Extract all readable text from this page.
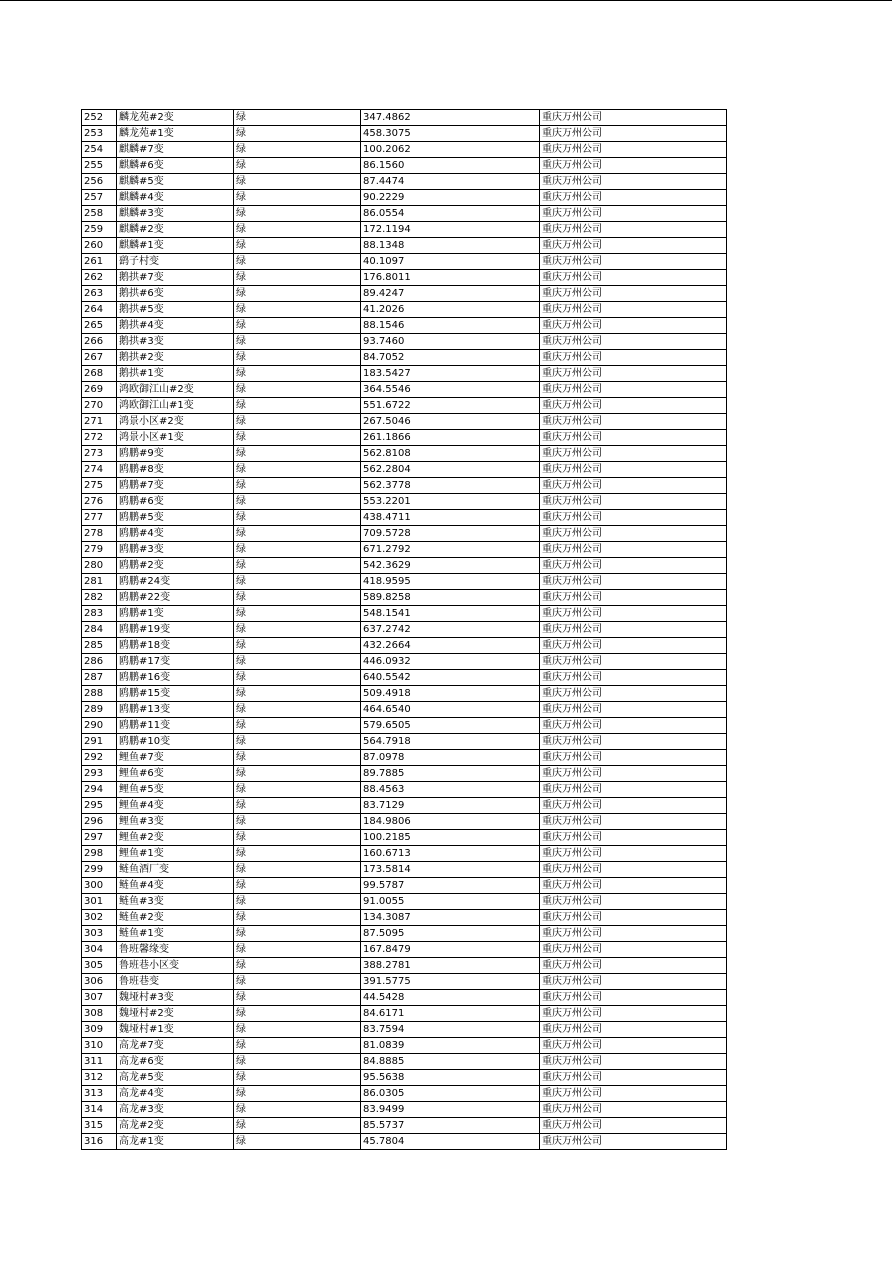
252	麟龙苑#2变	绿	347.4862	重庆万州公司
253	麟龙苑#1变	绿	458.3075	重庆万州公司
254	麒麟#7变	绿	100.2062	重庆万州公司
255	麒麟#6变	绿	86.1560	重庆万州公司
256	麒麟#5变	绿	87.4474	重庆万州公司
257	麒麟#4变	绿	90.2229	重庆万州公司
258	麒麟#3变	绿	86.0554	重庆万州公司
259	麒麟#2变	绿	172.1194	重庆万州公司
260	麒麟#1变	绿	88.1348	重庆万州公司
261	鹞子村变	绿	40.1097	重庆万州公司
262	鹅拱#7变	绿	176.8011	重庆万州公司
263	鹅拱#6变	绿	89.4247	重庆万州公司
264	鹅拱#5变	绿	41.2026	重庆万州公司
265	鹅拱#4变	绿	88.1546	重庆万州公司
266	鹅拱#3变	绿	93.7460	重庆万州公司
267	鹅拱#2变	绿	84.7052	重庆万州公司
268	鹅拱#1变	绿	183.5427	重庆万州公司
269	鸿欧御江山#2变	绿	364.5546	重庆万州公司
270	鸿欧御江山#1变	绿	551.6722	重庆万州公司
271	鸿景小区#2变	绿	267.5046	重庆万州公司
272	鸿景小区#1变	绿	261.1866	重庆万州公司
273	鸥鹏#9变	绿	562.8108	重庆万州公司
274	鸥鹏#8变	绿	562.2804	重庆万州公司
275	鸥鹏#7变	绿	562.3778	重庆万州公司
276	鸥鹏#6变	绿	553.2201	重庆万州公司
277	鸥鹏#5变	绿	438.4711	重庆万州公司
278	鸥鹏#4变	绿	709.5728	重庆万州公司
279	鸥鹏#3变	绿	671.2792	重庆万州公司
280	鸥鹏#2变	绿	542.3629	重庆万州公司
281	鸥鹏#24变	绿	418.9595	重庆万州公司
282	鸥鹏#22变	绿	589.8258	重庆万州公司
283	鸥鹏#1变	绿	548.1541	重庆万州公司
284	鸥鹏#19变	绿	637.2742	重庆万州公司
285	鸥鹏#18变	绿	432.2664	重庆万州公司
286	鸥鹏#17变	绿	446.0932	重庆万州公司
287	鸥鹏#16变	绿	640.5542	重庆万州公司
288	鸥鹏#15变	绿	509.4918	重庆万州公司
289	鸥鹏#13变	绿	464.6540	重庆万州公司
290	鸥鹏#11变	绿	579.6505	重庆万州公司
291	鸥鹏#10变	绿	564.7918	重庆万州公司
292	鲤鱼#7变	绿	87.0978	重庆万州公司
293	鲤鱼#6变	绿	89.7885	重庆万州公司
294	鲤鱼#5变	绿	88.4563	重庆万州公司
295	鲤鱼#4变	绿	83.7129	重庆万州公司
296	鲤鱼#3变	绿	184.9806	重庆万州公司
297	鲤鱼#2变	绿	100.2185	重庆万州公司
298	鲤鱼#1变	绿	160.6713	重庆万州公司
299	鲢鱼酒厂变	绿	173.5814	重庆万州公司
300	鲢鱼#4变	绿	99.5787	重庆万州公司
301	鲢鱼#3变	绿	91.0055	重庆万州公司
302	鲢鱼#2变	绿	134.3087	重庆万州公司
303	鲢鱼#1变	绿	87.5095	重庆万州公司
304	鲁班馨缘变	绿	167.8479	重庆万州公司
305	鲁班巷小区变	绿	388.2781	重庆万州公司
306	鲁班巷变	绿	391.5775	重庆万州公司
307	魏垭村#3变	绿	44.5428	重庆万州公司
308	魏垭村#2变	绿	84.6171	重庆万州公司
309	魏垭村#1变	绿	83.7594	重庆万州公司
310	高龙#7变	绿	81.0839	重庆万州公司
311	高龙#6变	绿	84.8885	重庆万州公司
312	高龙#5变	绿	95.5638	重庆万州公司
313	高龙#4变	绿	86.0305	重庆万州公司
314	高龙#3变	绿	83.9499	重庆万州公司
315	高龙#2变	绿	85.5737	重庆万州公司
316	高龙#1变	绿	45.7804	重庆万州公司
